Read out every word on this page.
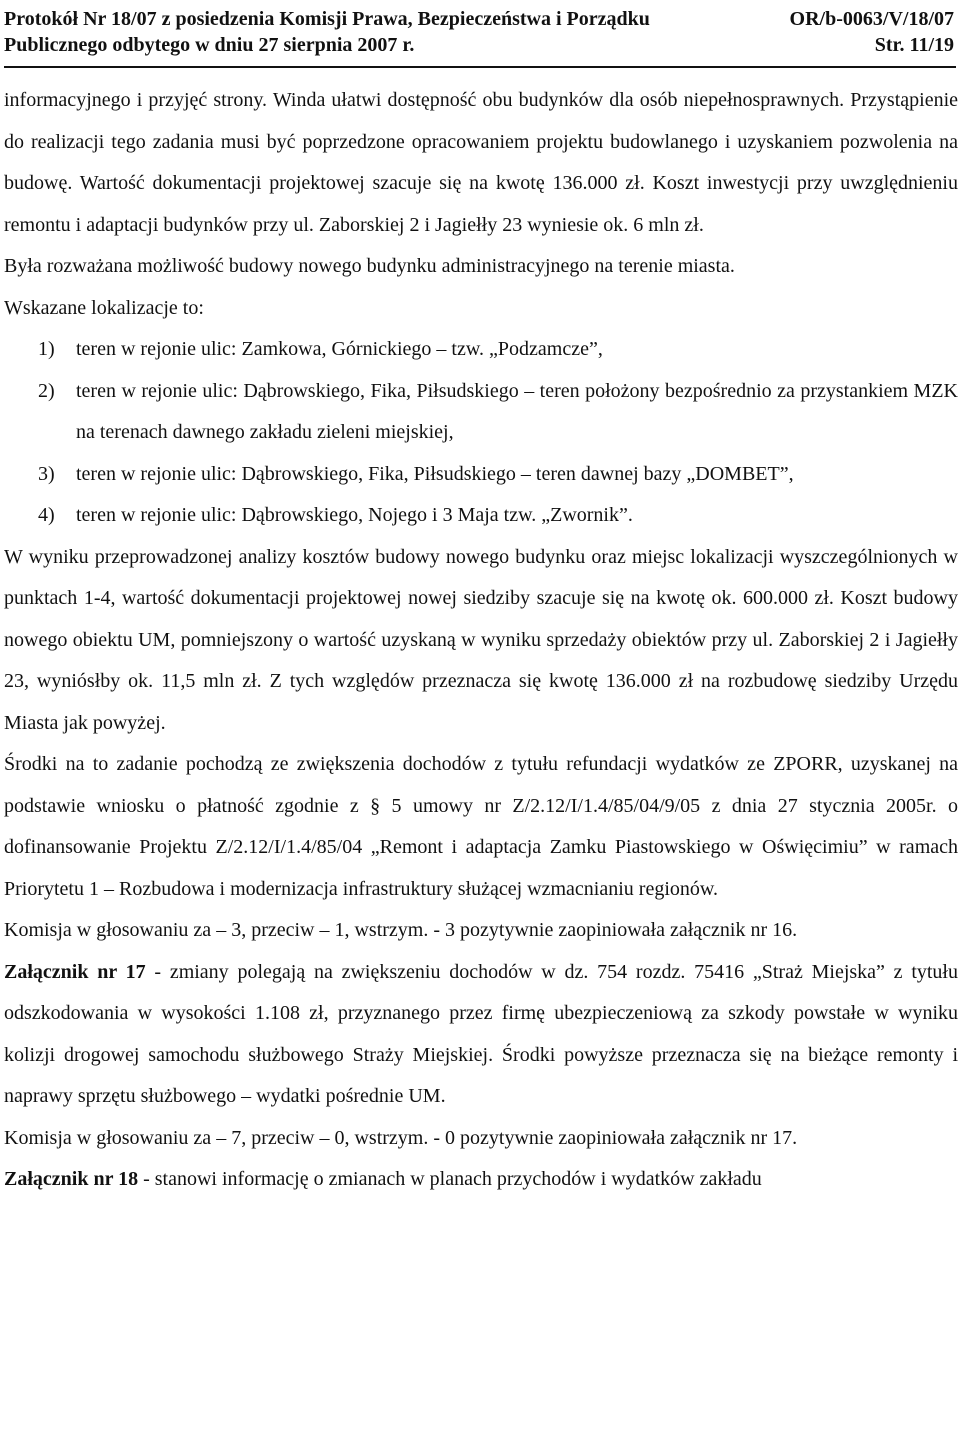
Protokół Nr 18/07 z posiedzenia Komisji Prawa, Bezpieczeństwa i Porządku	OR/b-0063/V/18/07
Publicznego odbytego w dniu 27 sierpnia 2007 r.	Str. 11/19

informacyjnego i przyjęć strony. Winda ułatwi dostępność obu budynków dla osób niepełnosprawnych. Przystąpienie do realizacji tego zadania musi być poprzedzone opracowaniem projektu budowlanego i uzyskaniem pozwolenia na budowę. Wartość dokumentacji projektowej szacuje się na kwotę 136.000 zł. Koszt inwestycji przy uwzględnieniu remontu i adaptacji budynków przy ul. Zaborskiej 2 i Jagiełły 23 wyniesie ok. 6 mln zł.

Była rozważana możliwość budowy nowego budynku administracyjnego na terenie miasta.

Wskazane lokalizacje to:

1) teren w rejonie ulic: Zamkowa, Górnickiego – tzw. „Podzamcze”,
2) teren w rejonie ulic: Dąbrowskiego, Fika, Piłsudskiego – teren położony bezpośrednio za przystankiem MZK na terenach dawnego zakładu zieleni miejskiej,
3) teren w rejonie ulic: Dąbrowskiego, Fika, Piłsudskiego – teren dawnej bazy „DOMBET”,
4) teren w rejonie ulic: Dąbrowskiego, Nojego i 3 Maja tzw. „Zwornik”.

W wyniku przeprowadzonej analizy kosztów budowy nowego budynku oraz miejsc lokalizacji wyszczególnionych w punktach 1-4, wartość dokumentacji projektowej nowej siedziby szacuje się na kwotę ok. 600.000 zł. Koszt budowy nowego obiektu UM, pomniejszony o wartość uzyskaną w wyniku sprzedaży obiektów przy ul. Zaborskiej 2 i Jagiełły 23, wyniósłby ok. 11,5 mln zł. Z tych względów przeznacza się kwotę 136.000 zł na rozbudowę siedziby Urzędu Miasta jak powyżej.

Środki na to zadanie pochodzą ze zwiększenia dochodów z tytułu refundacji wydatków ze ZPORR, uzyskanej na podstawie wniosku o płatność zgodnie z § 5 umowy nr Z/2.12/I/1.4/85/04/9/05 z dnia 27 stycznia 2005r. o dofinansowanie Projektu Z/2.12/I/1.4/85/04 „Remont i adaptacja Zamku Piastowskiego w Oświęcimiu” w ramach Priorytetu 1 – Rozbudowa i modernizacja infrastruktury służącej wzmacnianiu regionów.

Komisja w głosowaniu za – 3, przeciw – 1, wstrzym. - 3 pozytywnie zaopiniowała załącznik nr 16.

Załącznik nr 17 - zmiany polegają na zwiększeniu dochodów w dz. 754 rozdz. 75416 „Straż Miejska” z tytułu odszkodowania w wysokości 1.108 zł, przyznanego przez firmę ubezpieczeniową za szkody powstałe w wyniku kolizji drogowej samochodu służbowego Straży Miejskiej. Środki powyższe przeznacza się na bieżące remonty i naprawy sprzętu służbowego – wydatki pośrednie UM.

Komisja w głosowaniu za – 7, przeciw – 0, wstrzym. - 0 pozytywnie zaopiniowała załącznik nr 17.

Załącznik nr 18 - stanowi informację o zmianach w planach przychodów i wydatków zakładu
